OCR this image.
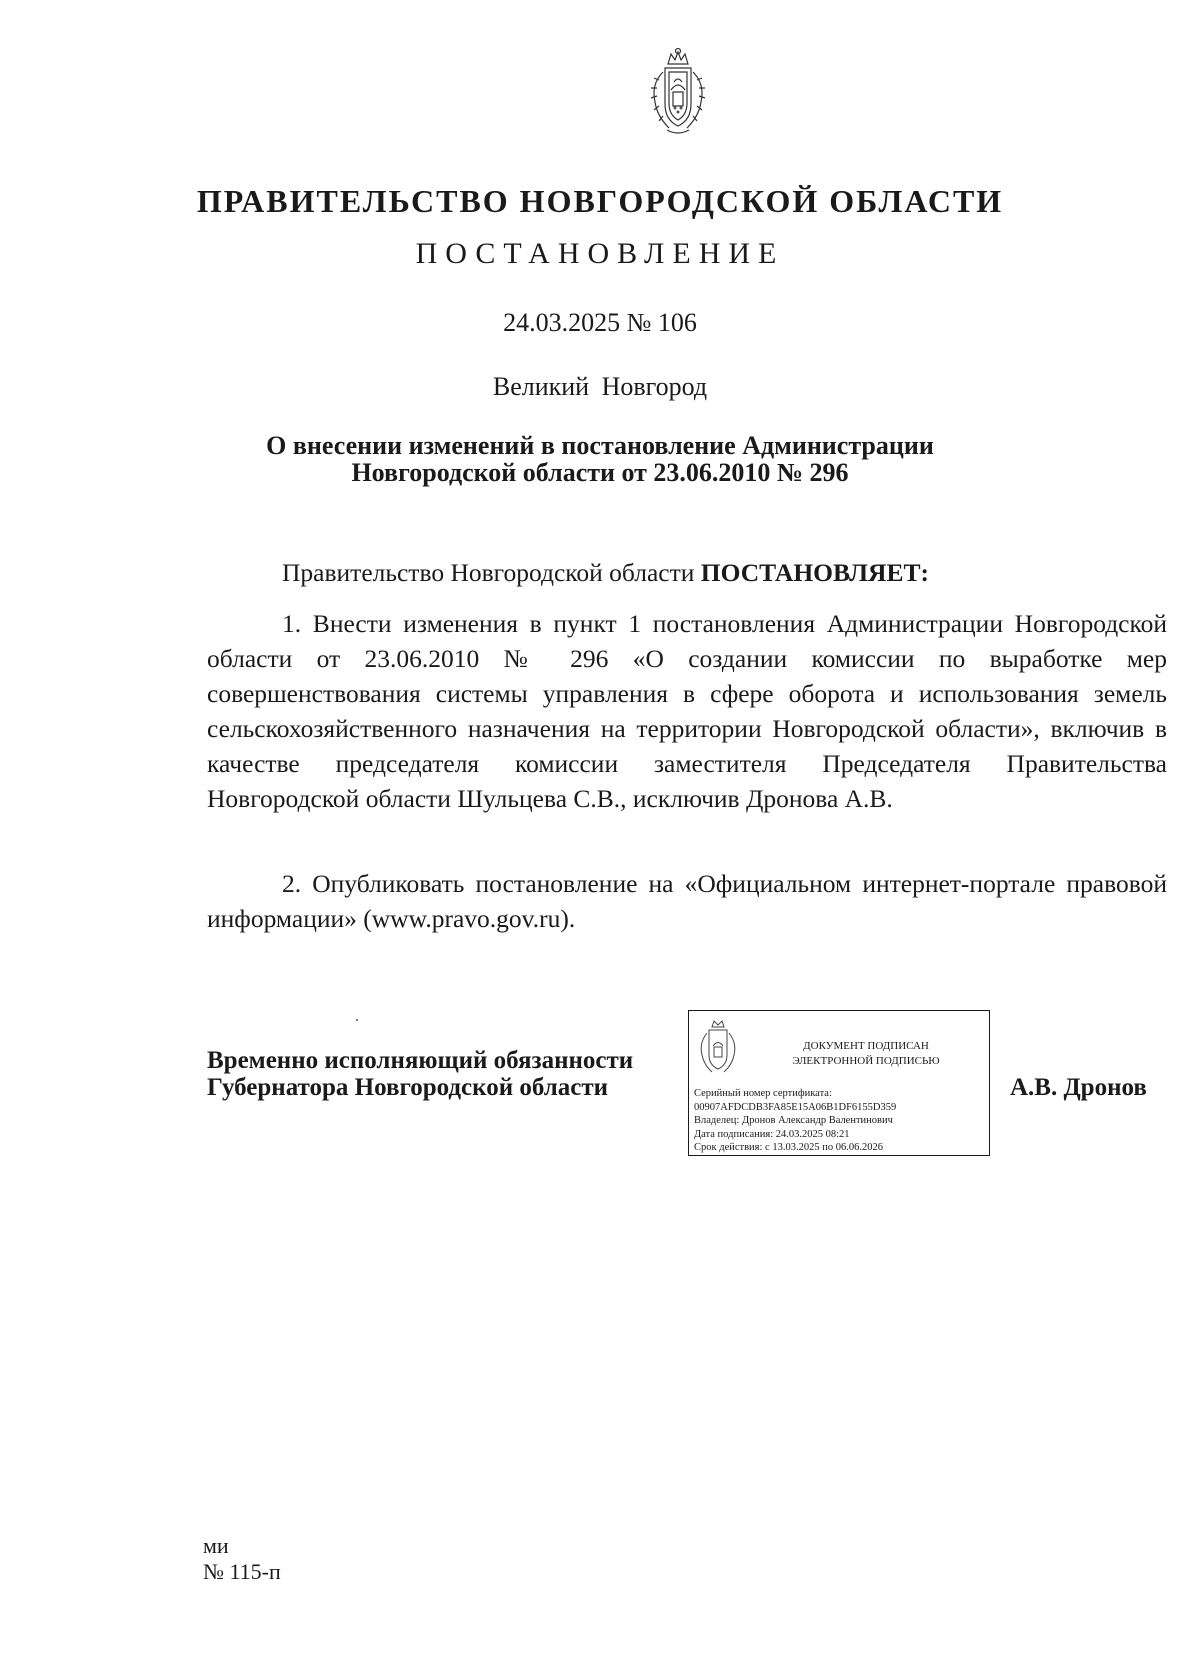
ПРАВИТЕЛЬСТВО НОВГОРОДСКОЙ ОБЛАСТИ
ПОСТАНОВЛЕНИЕ
24.03.2025 № 106
Великий Новгород
О внесении изменений в постановление Администрации
Новгородской области от 23.06.2010 № 296
Правительство Новгородской области ПОСТАНОВЛЯЕТ:
1. Внести изменения в пункт 1 постановления Администрации Новгородской области от 23.06.2010 № 296 «О создании комиссии по выработке мер совершенствования системы управления в сфере оборота и использования земель сельскохозяйственного назначения на территории Новгородской области», включив в качестве председателя комиссии заместителя Председателя Правительства Новгородской области Шульцева С.В., исключив Дронова А.В.
2. Опубликовать постановление на «Официальном интернет-портале правовой информации» (www.pravo.gov.ru).
Временно исполняющий обязанности
Губернатора Новгородской области
ДОКУМЕНТ ПОДПИСАН
ЭЛЕКТРОННОЙ ПОДПИСЬЮ
Серийный номер сертификата:
00907AFDCDB3FA85E15A06B1DF6155D359
Владелец: Дронов Александр Валентинович
Дата подписания: 24.03.2025 08:21
Срок действия: с 13.03.2025 по 06.06.2026
А.В. Дронов
ми
№ 115-п
